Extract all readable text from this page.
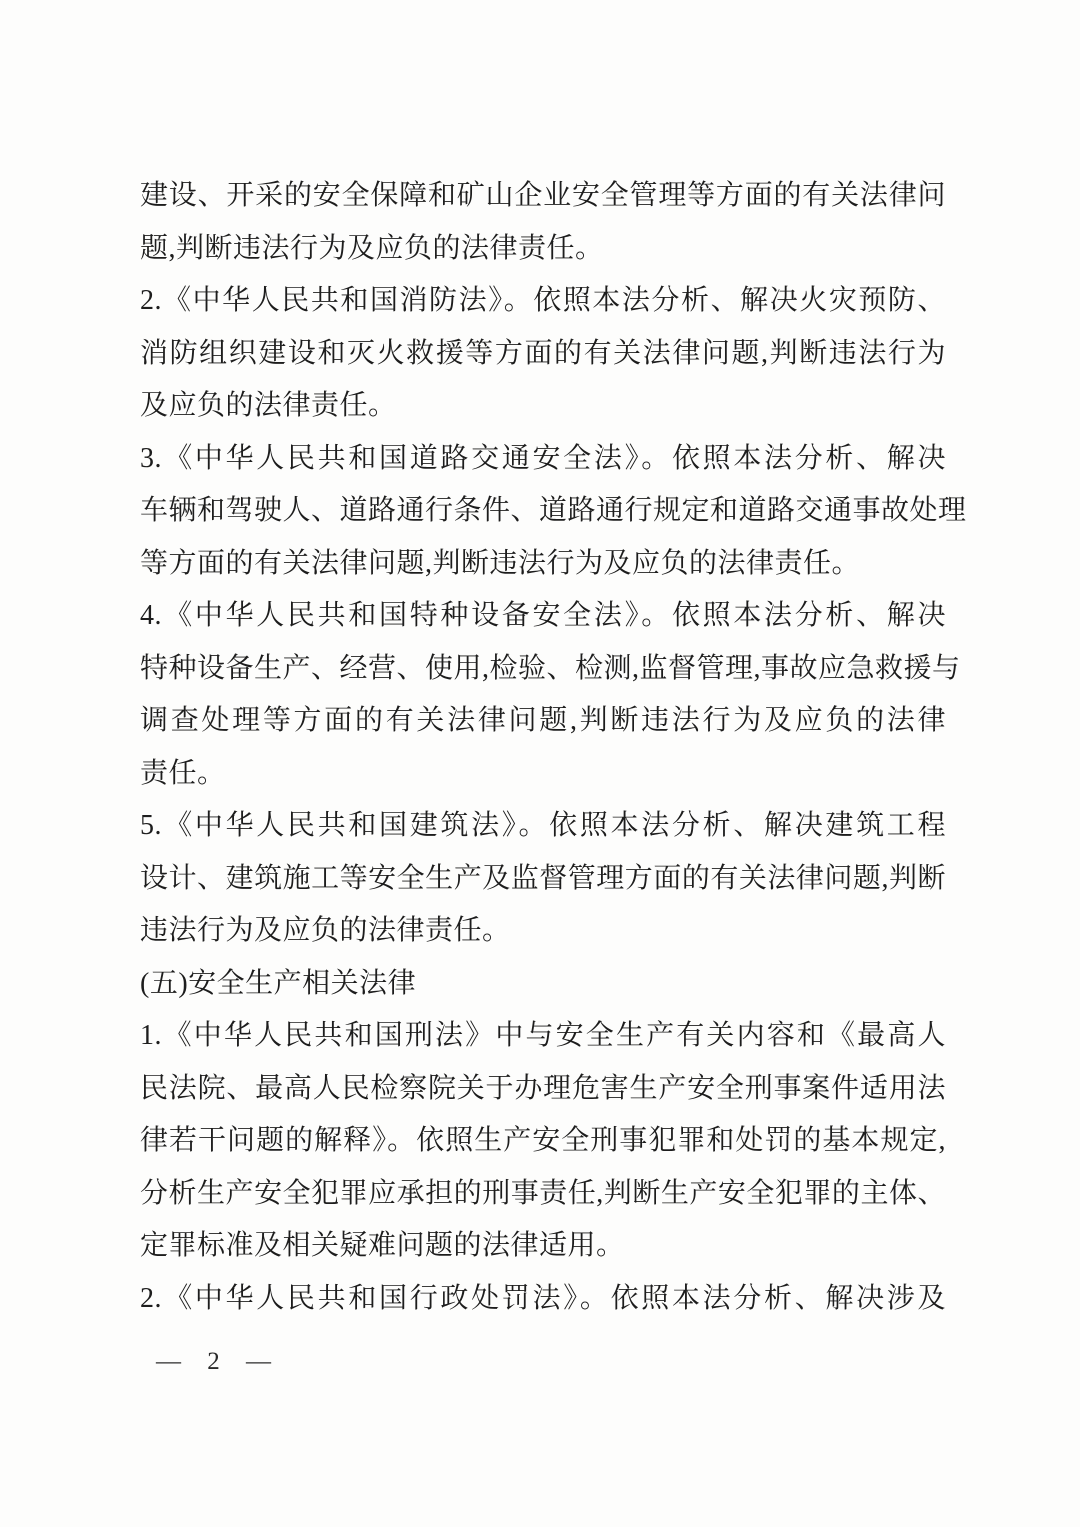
建设、开采的安全保障和矿山企业安全管理等方面的有关法律问
题,判断违法行为及应负的法律责任。
2.《中华人民共和国消防法》。依照本法分析、解决火灾预防、
消防组织建设和灭火救援等方面的有关法律问题,判断违法行为
及应负的法律责任。
3.《中华人民共和国道路交通安全法》。依照本法分析、解决
车辆和驾驶人、道路通行条件、道路通行规定和道路交通事故处理
等方面的有关法律问题,判断违法行为及应负的法律责任。
4.《中华人民共和国特种设备安全法》。依照本法分析、解决
特种设备生产、经营、使用,检验、检测,监督管理,事故应急救援与
调查处理等方面的有关法律问题,判断违法行为及应负的法律
责任。
5.《中华人民共和国建筑法》。依照本法分析、解决建筑工程
设计、建筑施工等安全生产及监督管理方面的有关法律问题,判断
违法行为及应负的法律责任。
(五)安全生产相关法律
1.《中华人民共和国刑法》中与安全生产有关内容和《最高人
民法院、最高人民检察院关于办理危害生产安全刑事案件适用法
律若干问题的解释》。依照生产安全刑事犯罪和处罚的基本规定,
分析生产安全犯罪应承担的刑事责任,判断生产安全犯罪的主体、
定罪标准及相关疑难问题的法律适用。
2.《中华人民共和国行政处罚法》。依照本法分析、解决涉及
— 2 —
